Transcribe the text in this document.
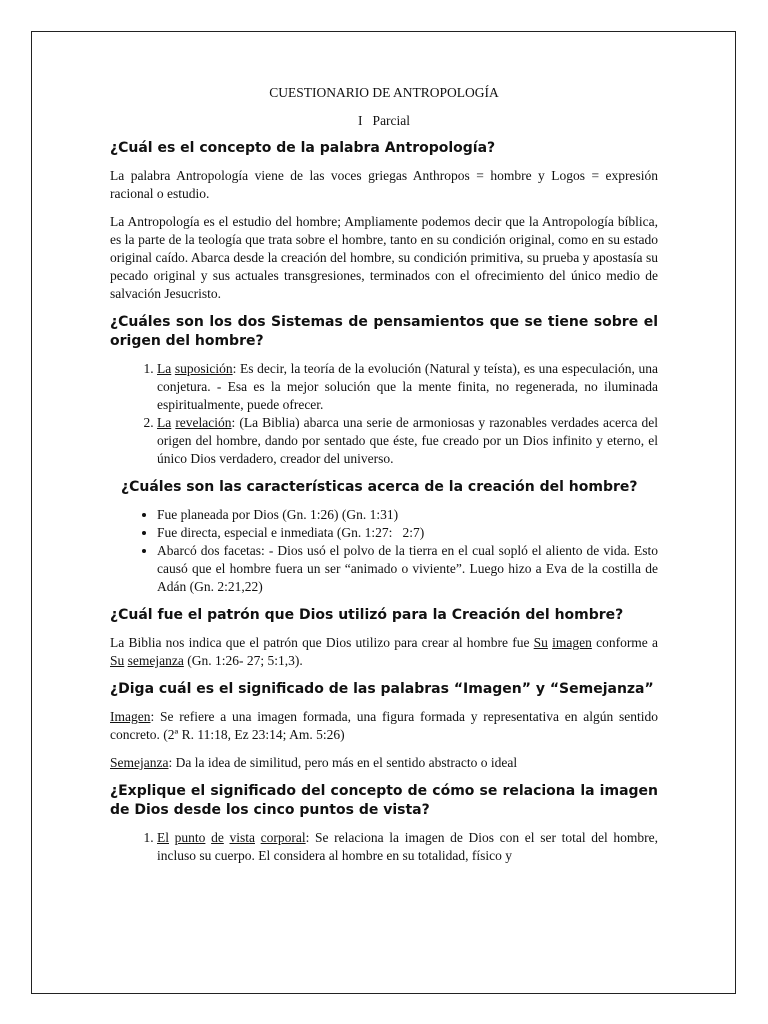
CUESTIONARIO DE ANTROPOLOGÍA

I   Parcial

¿Cuál es el concepto de la palabra Antropología?

La palabra Antropología viene de las voces griegas Anthropos = hombre y Logos = expresión racional o estudio.

La Antropología es el estudio del hombre; Ampliamente podemos decir que la Antropología bíblica, es la parte de la teología que trata sobre el hombre, tanto en su condición original, como en su estado original caído. Abarca desde la creación del hombre, su condición primitiva, su prueba y apostasía su pecado original y sus actuales transgresiones, terminados con el ofrecimiento del único medio de salvación Jesucristo.

¿Cuáles son los dos Sistemas de pensamientos que se tiene sobre el origen del hombre?
1. La suposición: Es decir, la teoría de la evolución (Natural y teísta), es una especulación, una conjetura. - Esa es la mejor solución que la mente finita, no regenerada, no iluminada espiritualmente, puede ofrecer.
2. La revelación: (La Biblia) abarca una serie de armoniosas y razonables verdades acerca del origen del hombre, dando por sentado que éste, fue creado por un Dios infinito y eterno, el único Dios verdadero, creador del universo.
¿Cuáles son las características acerca de la creación del hombre?
• Fue planeada por Dios (Gn. 1:26) (Gn. 1:31)
• Fue directa, especial e inmediata (Gn. 1:27:   2:7)
• Abarcó dos facetas: - Dios usó el polvo de la tierra en el cual sopló el aliento de vida. Esto causó que el hombre fuera un ser “animado o viviente”. Luego hizo a Eva de la costilla de Adán (Gn. 2:21,22)
¿Cuál fue el patrón que Dios utilizó para la Creación del hombre?

La Biblia nos indica que el patrón que Dios utilizo para crear al hombre fue Su imagen conforme a Su semejanza (Gn. 1:26- 27; 5:1,3).

¿Diga cuál es el significado de las palabras “Imagen” y “Semejanza”

Imagen: Se refiere a una imagen formada, una figura formada y representativa en algún sentido concreto. (2ª R. 11:18, Ez 23:14; Am. 5:26)

Semejanza: Da la idea de similitud, pero más en el sentido abstracto o ideal

¿Explique el significado del concepto de cómo se relaciona la imagen de Dios desde los cinco puntos de vista?
1. El punto de vista corporal: Se relaciona la imagen de Dios con el ser total del hombre, incluso su cuerpo. El considera al hombre en su totalidad, físico y
